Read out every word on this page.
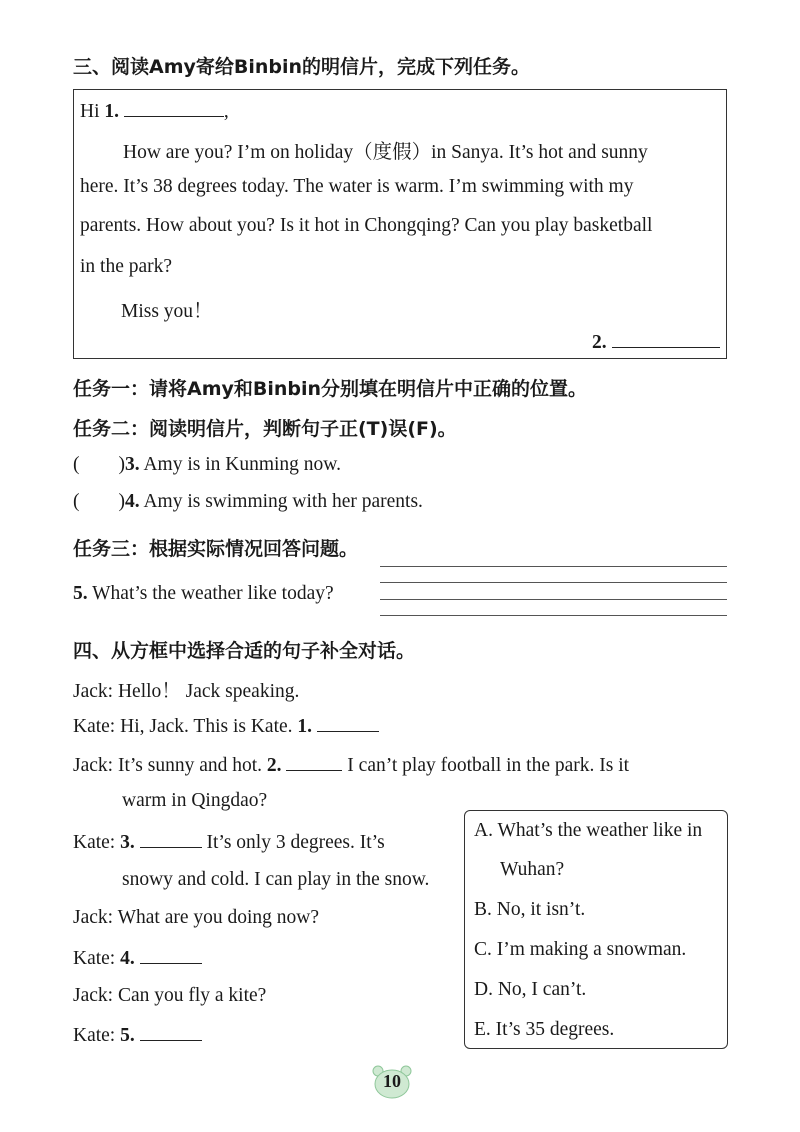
三、阅读Amy寄给Binbin的明信片，完成下列任务。
Hi 1.	,
How are you? I’m on holiday（度假）in Sanya. It’s hot and sunny
here. It’s 38 degrees today. The water is warm. I’m swimming with my
parents. How about you? Is it hot in Chongqing? Can you play basketball
in the park?
Miss you！
2.
任务一：请将Amy和Binbin分别填在明信片中正确的位置。
任务二：阅读明信片，判断句子正(T)误(F)。
(        )3. Amy is in Kunming now.
(        )4. Amy is swimming with her parents.
任务三：根据实际情况回答问题。
5. What’s the weather like today?
四、从方框中选择合适的句子补全对话。
Jack: Hello！ Jack speaking.
Kate: Hi, Jack. This is Kate. 1.
Jack: It’s sunny and hot. 2.	I can’t play football in the park. Is it
warm in Qingdao?
Kate: 3.	It’s only 3 degrees. It’s
snowy and cold. I can play in the snow.
Jack: What are you doing now?
Kate: 4.
Jack: Can you fly a kite?
Kate: 5.
A. What’s the weather like in
Wuhan?
B. No, it isn’t.
C. I’m making a snowman.
D. No, I can’t.
E. It’s 35 degrees.
10
